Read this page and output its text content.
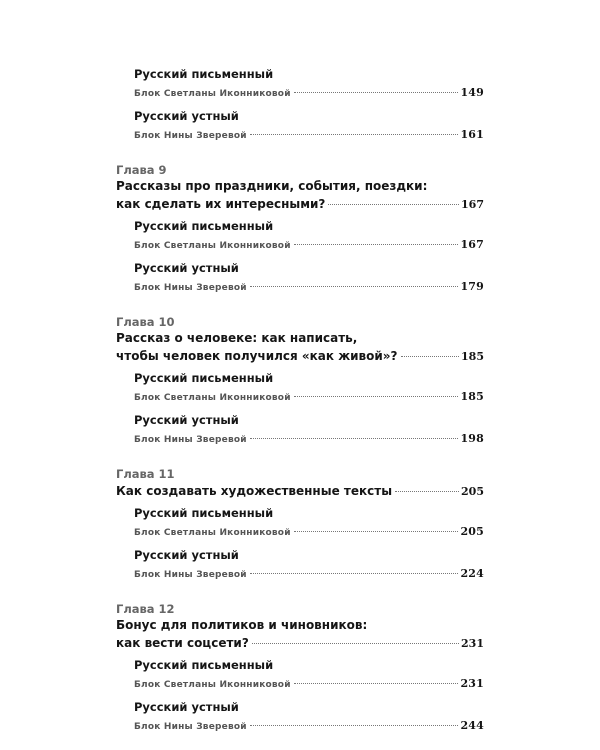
Русский письменный
Блок Светланы Иконниковой	149
Русский устный
Блок Нины Зверевой	161
Глава 9
Рассказы про праздники, события, поездки:
как сделать их интересными?	167
Русский письменный
Блок Светланы Иконниковой	167
Русский устный
Блок Нины Зверевой	179
Глава 10
Рассказ о человеке: как написать,
чтобы человек получился «как живой»?	185
Русский письменный
Блок Светланы Иконниковой	185
Русский устный
Блок Нины Зверевой	198
Глава 11
Как создавать художественные тексты	205
Русский письменный
Блок Светланы Иконниковой	205
Русский устный
Блок Нины Зверевой	224
Глава 12
Бонус для политиков и чиновников:
как вести соцсети?	231
Русский письменный
Блок Светланы Иконниковой	231
Русский устный
Блок Нины Зверевой	244
